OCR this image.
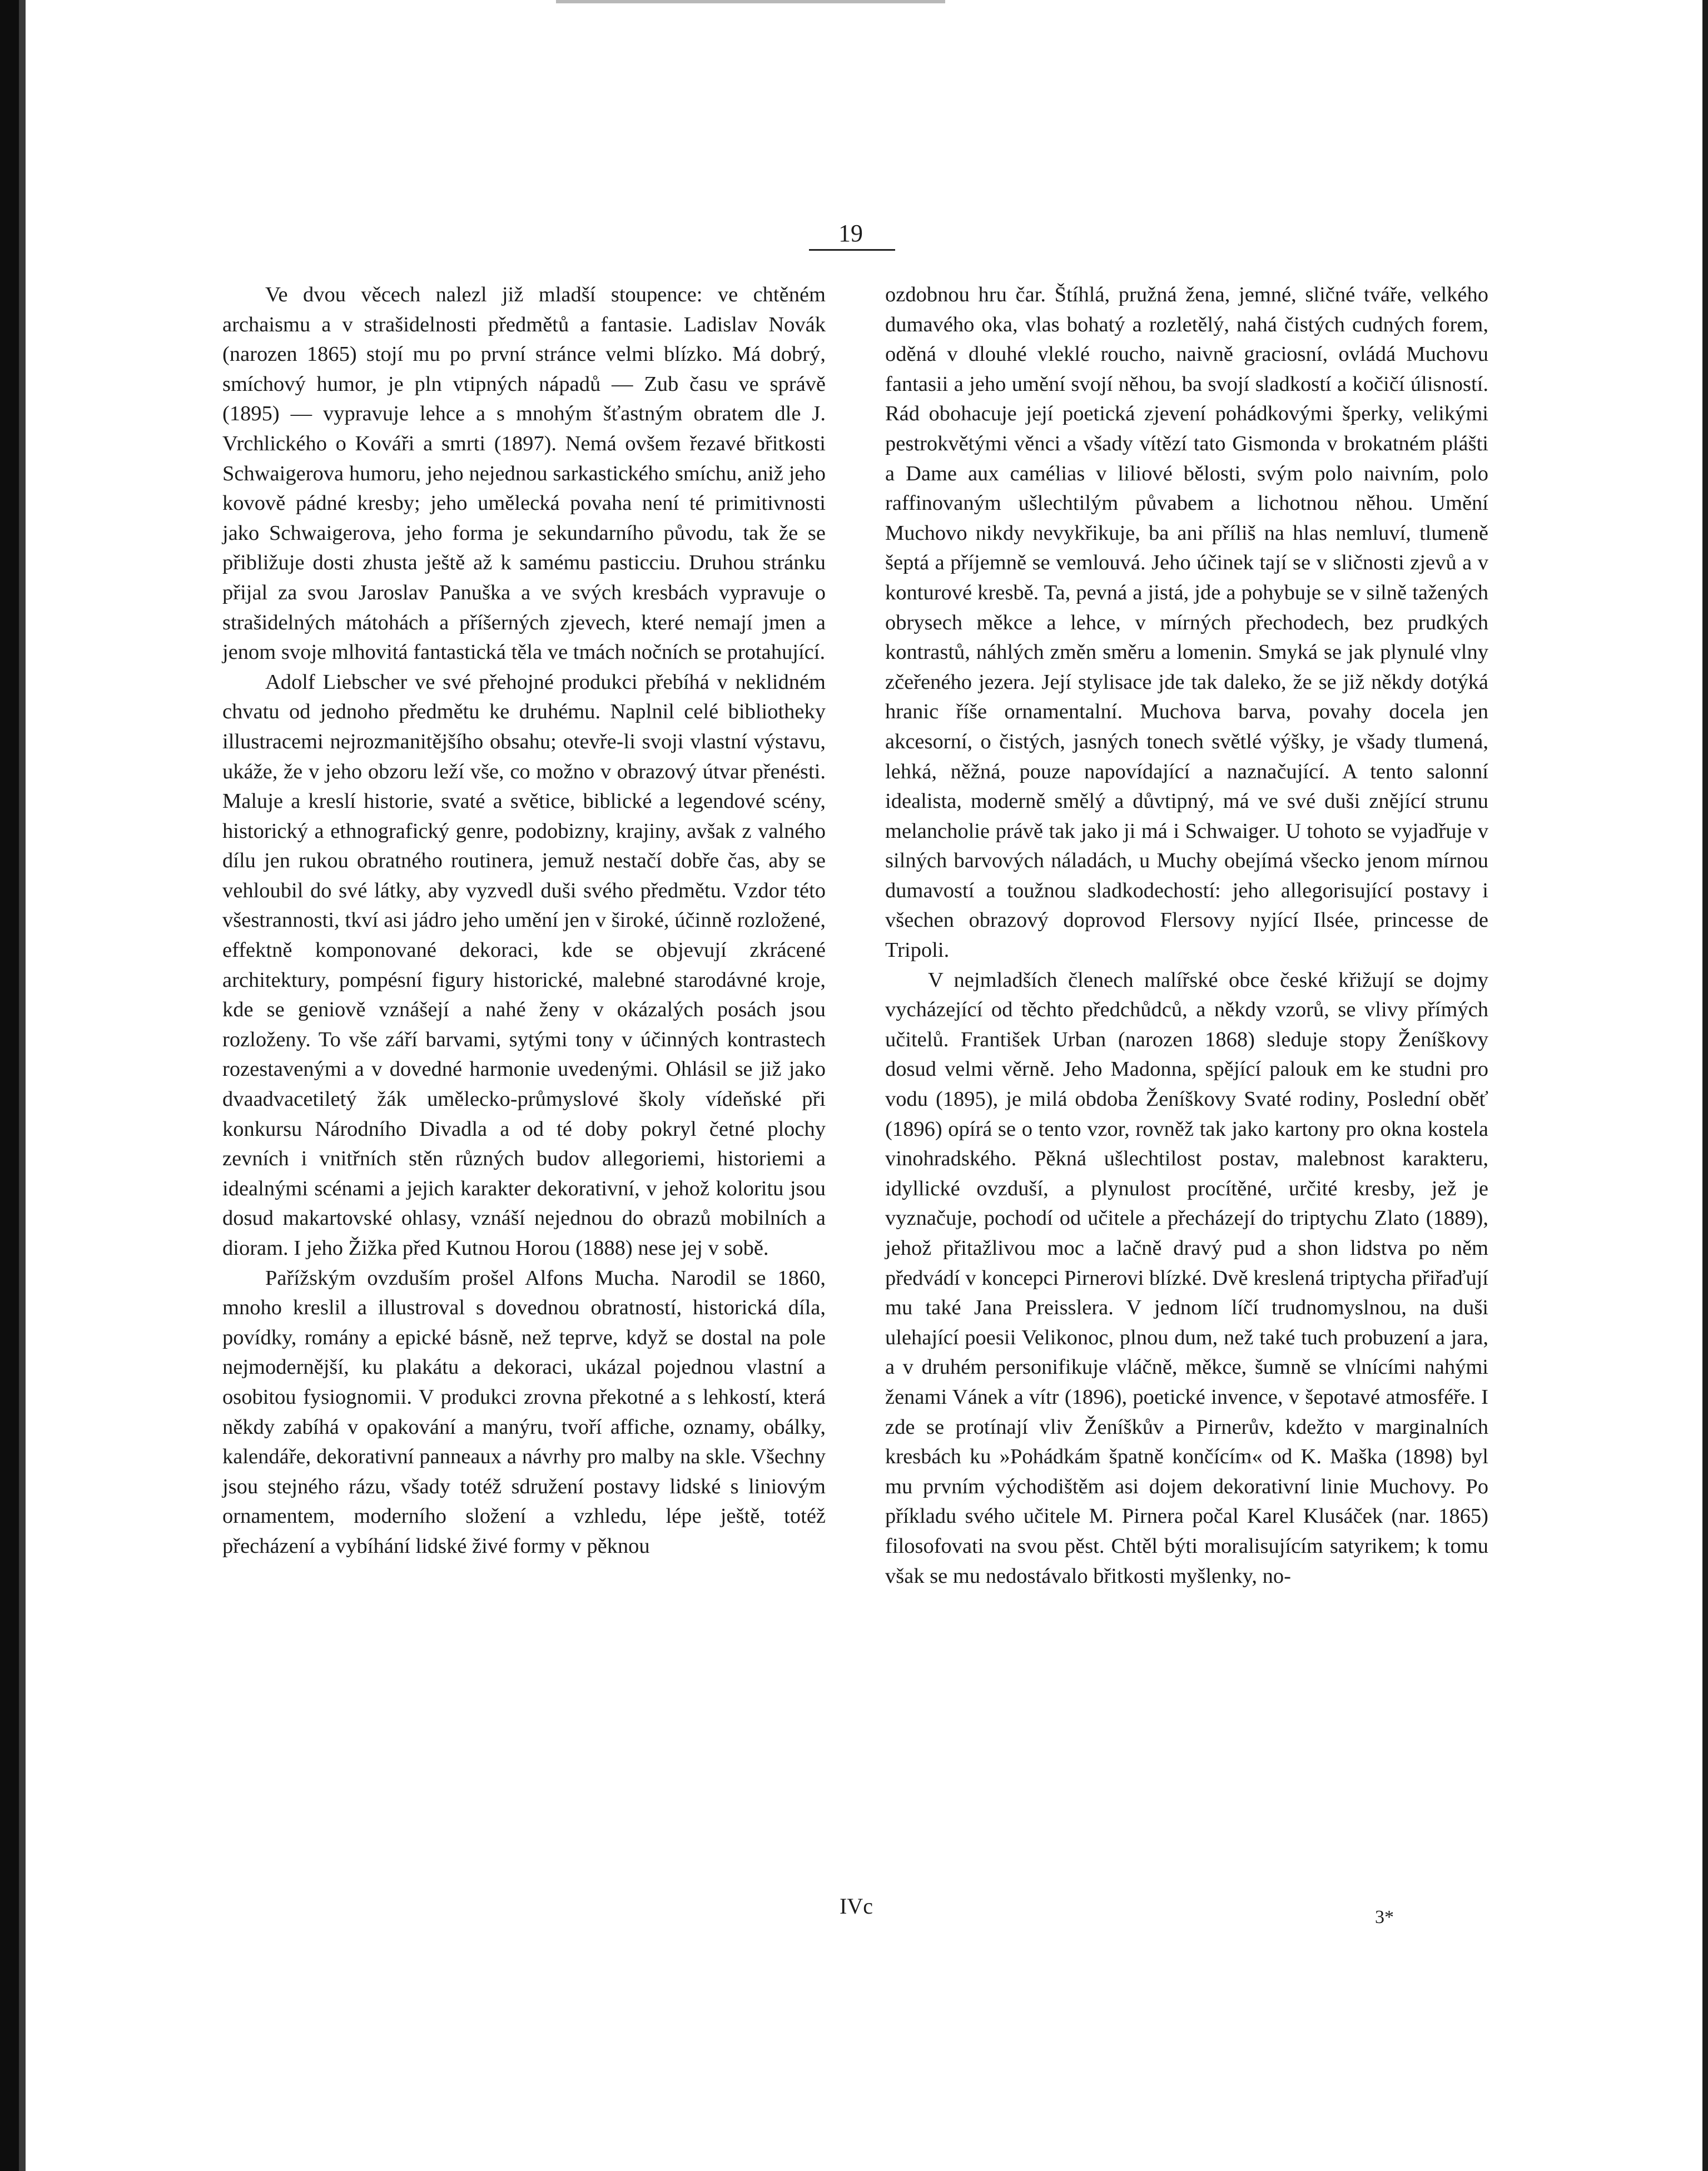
19

Ve dvou věcech nalezl již mladší stoupence: ve chtěném archaismu a v strašidelnosti předmětů a fantasie. Ladislav Novák (narozen 1865) stojí mu po první stránce velmi blízko. Má dobrý, smíchový humor, je pln vtipných nápadů — Zub času ve správě (1895) — vypravuje lehce a s mnohým šťastným obratem dle J. Vrchlického o Kováři a smrti (1897). Nemá ovšem řezavé břitkosti Schwaigerova humoru, jeho nejednou sarkastického smíchu, aniž jeho kovově pádné kresby; jeho umělecká povaha není té primitivnosti jako Schwaigerova, jeho forma je sekundarního původu, tak že se přibližuje dosti zhusta ještě až k samému pasticciu. Druhou stránku přijal za svou Jaroslav Panuška a ve svých kresbách vypravuje o strašidelných mátohách a příšerných zjevech, které nemají jmen a jenom svoje mlhovitá fantastická těla ve tmách nočních se protahující.

Adolf Liebscher ve své přehojné produkci přebíhá v neklidném chvatu od jednoho předmětu ke druhému. Naplnil celé bibliotheky illustracemi nejrozmanitějšího obsahu; otevře-li svoji vlastní výstavu, ukáže, že v jeho obzoru leží vše, co možno v obrazový útvar přenésti. Maluje a kreslí historie, svaté a světice, biblické a legendové scény, historický a ethnografický genre, podobizny, krajiny, avšak z valného dílu jen rukou obratného routinera, jemuž nestačí dobře čas, aby se vehloubil do své látky, aby vyzvedl duši svého předmětu. Vzdor této všestrannosti, tkví asi jádro jeho umění jen v široké, účinně rozložené, effektně komponované dekoraci, kde se objevují zkrácené architektury, pompésní figury historické, malebné starodávné kroje, kde se geniově vznášejí a nahé ženy v okázalých posách jsou rozloženy. To vše září barvami, sytými tony v účinných kontrastech rozestavenými a v dovedné harmonie uvedenými. Ohlásil se již jako dvaadvacetiletý žák umělecko-průmyslové školy vídeňské při konkursu Národního Divadla a od té doby pokryl četné plochy zevních i vnitřních stěn různých budov allegoriemi, historiemi a idealnými scénami a jejich karakter dekorativní, v jehož koloritu jsou dosud makartovské ohlasy, vznáší nejednou do obrazů mobilních a dioram. I jeho Žižka před Kutnou Horou (1888) nese jej v sobě.

Pařížským ovzduším prošel Alfons Mucha. Narodil se 1860, mnoho kreslil a illustroval s dovednou obratností, historická díla, povídky, romány a epické básně, než teprve, když se dostal na pole nejmodernější, ku plakátu a dekoraci, ukázal pojednou vlastní a osobitou fysiognomii. V produkci zrovna překotné a s lehkostí, která někdy zabíhá v opakování a manýru, tvoří affiche, oznamy, obálky, kalendáře, dekorativní panneaux a návrhy pro malby na skle. Všechny jsou stejného rázu, všady totéž sdružení postavy lidské s liniovým ornamentem, moderního složení a vzhledu, lépe ještě, totéž přecházení a vybíhání lidské živé formy v pěknou

ozdobnou hru čar. Štíhlá, pružná žena, jemné, sličné tváře, velkého dumavého oka, vlas bohatý a rozletělý, nahá čistých cudných forem, oděná v dlouhé vleklé roucho, naivně graciosní, ovládá Muchovu fantasii a jeho umění svojí něhou, ba svojí sladkostí a kočičí úlisností. Rád obohacuje její poetická zjevení pohádkovými šperky, velikými pestrokvětými věnci a všady vítězí tato Gismonda v brokatném plášti a Dame aux camélias v liliové bělosti, svým polo naivním, polo raffinovaným ušlechtilým půvabem a lichotnou něhou. Umění Muchovo nikdy nevykřikuje, ba ani příliš na hlas nemluví, tlumeně šeptá a příjemně se vemlouvá. Jeho účinek tají se v sličnosti zjevů a v konturové kresbě. Ta, pevná a jistá, jde a pohybuje se v silně tažených obrysech měkce a lehce, v mírných přechodech, bez prudkých kontrastů, náhlých změn směru a lomenin. Smyká se jak plynulé vlny zčeřeného jezera. Její stylisace jde tak daleko, že se již někdy dotýká hranic říše ornamentalní. Muchova barva, povahy docela jen akcesorní, o čistých, jasných tonech světlé výšky, je všady tlumená, lehká, něžná, pouze napovídající a naznačující. A tento salonní idealista, moderně smělý a důvtipný, má ve své duši znějící strunu melancholie právě tak jako ji má i Schwaiger. U tohoto se vyjadřuje v silných barvových náladách, u Muchy obejímá všecko jenom mírnou dumavostí a toužnou sladkodechostí: jeho allegorisující postavy i všechen obrazový doprovod Flersovy nyjící Ilsée, princesse de Tripoli.

V nejmladších členech malířské obce české křižují se dojmy vycházející od těchto předchůdců, a někdy vzorů, se vlivy přímých učitelů. František Urban (narozen 1868) sleduje stopy Ženíškovy dosud velmi věrně. Jeho Madonna, spějící palouk em ke studni pro vodu (1895), je milá obdoba Ženíškovy Svaté rodiny, Poslední oběť (1896) opírá se o tento vzor, rovněž tak jako kartony pro okna kostela vinohradského. Pěkná ušlechtilost postav, malebnost karakteru, idyllické ovzduší, a plynulost procítěné, určité kresby, jež je vyznačuje, pochodí od učitele a přecházejí do triptychu Zlato (1889), jehož přitažlivou moc a lačně dravý pud a shon lidstva po něm předvádí v koncepci Pirnerovi blízké. Dvě kreslená triptycha přiřaďují mu také Jana Preisslera. V jednom líčí trudnomyslnou, na duši ulehající poesii Velikonoc, plnou dum, než také tuch probuzení a jara, a v druhém personifikuje vláčně, měkce, šumně se vlnícími nahými ženami Vánek a vítr (1896), poetické invence, v šepotavé atmosféře. I zde se protínají vliv Ženíškův a Pirnerův, kdežto v marginalních kresbách ku »Pohádkám špatně končícím« od K. Maška (1898) byl mu prvním východištěm asi dojem dekorativní linie Muchovy. Po příkladu svého učitele M. Pirnera počal Karel Klusáček (nar. 1865) filosofovati na svou pěst. Chtěl býti moralisujícím satyrikem; k tomu však se mu nedostávalo břitkosti myšlenky, no-

IVc	3*
